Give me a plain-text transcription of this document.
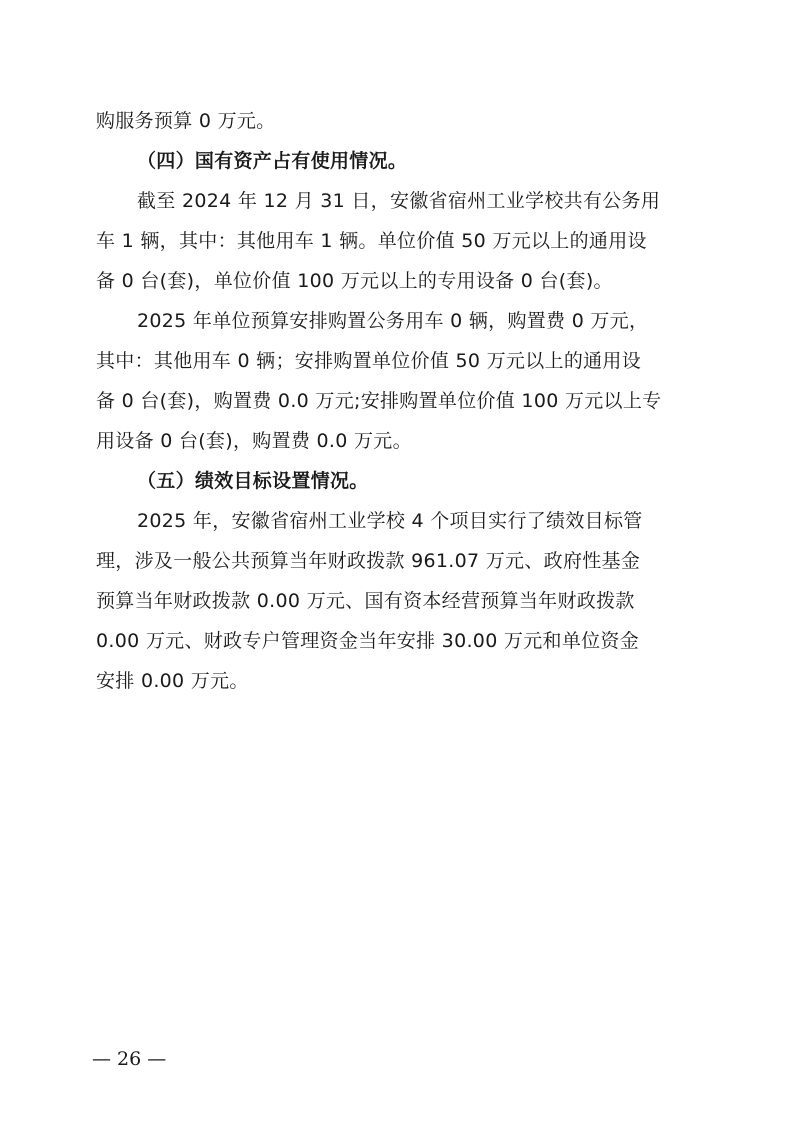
购服务预算 0 万元。
（四）国有资产占有使用情况。
截至 2024 年 12 月 31 日，安徽省宿州工业学校共有公务用
车 1 辆，其中：其他用车 1 辆。单位价值 50 万元以上的通用设
备 0 台(套)，单位价值 100 万元以上的专用设备 0 台(套)。
2025 年单位预算安排购置公务用车 0 辆，购置费 0 万元，
其中：其他用车 0 辆；安排购置单位价值 50 万元以上的通用设
备 0 台(套)，购置费 0.0 万元;安排购置单位价值 100 万元以上专
用设备 0 台(套)，购置费 0.0 万元。
（五）绩效目标设置情况。
2025 年，安徽省宿州工业学校 4 个项目实行了绩效目标管
理，涉及一般公共预算当年财政拨款 961.07 万元、政府性基金
预算当年财政拨款 0.00 万元、国有资本经营预算当年财政拨款
0.00 万元、财政专户管理资金当年安排 30.00 万元和单位资金
安排 0.00 万元。
— 26 —
